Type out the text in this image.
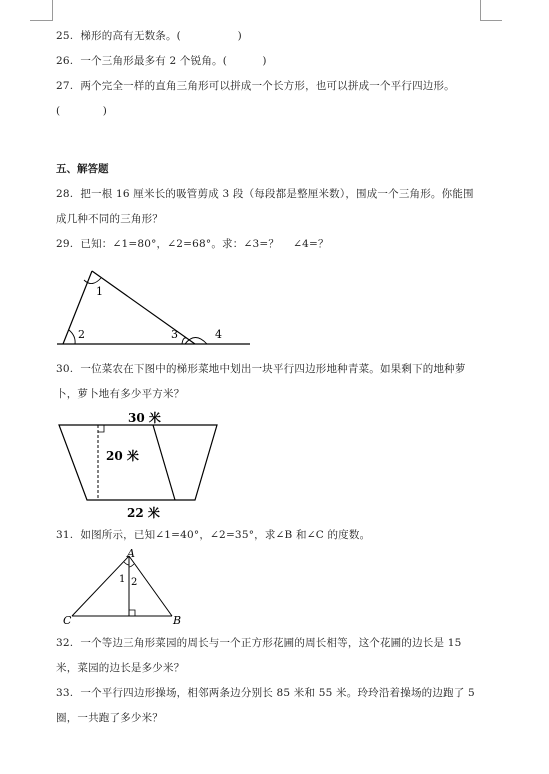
25.  梯形的高有无数条。(                )
26.  一个三角形最多有 2 个锐角。(          )
27.  两个完全一样的直角三角形可以拼成一个长方形，也可以拼成一个平行四边形。
(            )
五、解答题
28.  把一根 16 厘米长的吸管剪成 3 段（每段都是整厘米数），围成一个三角形。你能围
成几种不同的三角形？
29.  已知：∠1=80°，∠2=68°。求：∠3=？    ∠4=？
1
2	3	4
30.  一位菜农在下图中的梯形菜地中划出一块平行四边形地种青菜。如果剩下的地种萝
卜，萝卜地有多少平方米？
30 米
20 米
22 米
31.  如图所示，已知∠1=40°，∠2=35°，求∠B 和∠C 的度数。
A
C	B
1 2
32.  一个等边三角形菜园的周长与一个正方形花圃的周长相等，这个花圃的边长是 15
米，菜园的边长是多少米？
33.  一个平行四边形操场，相邻两条边分别长 85 米和 55 米。玲玲沿着操场的边跑了 5
圈，一共跑了多少米？
